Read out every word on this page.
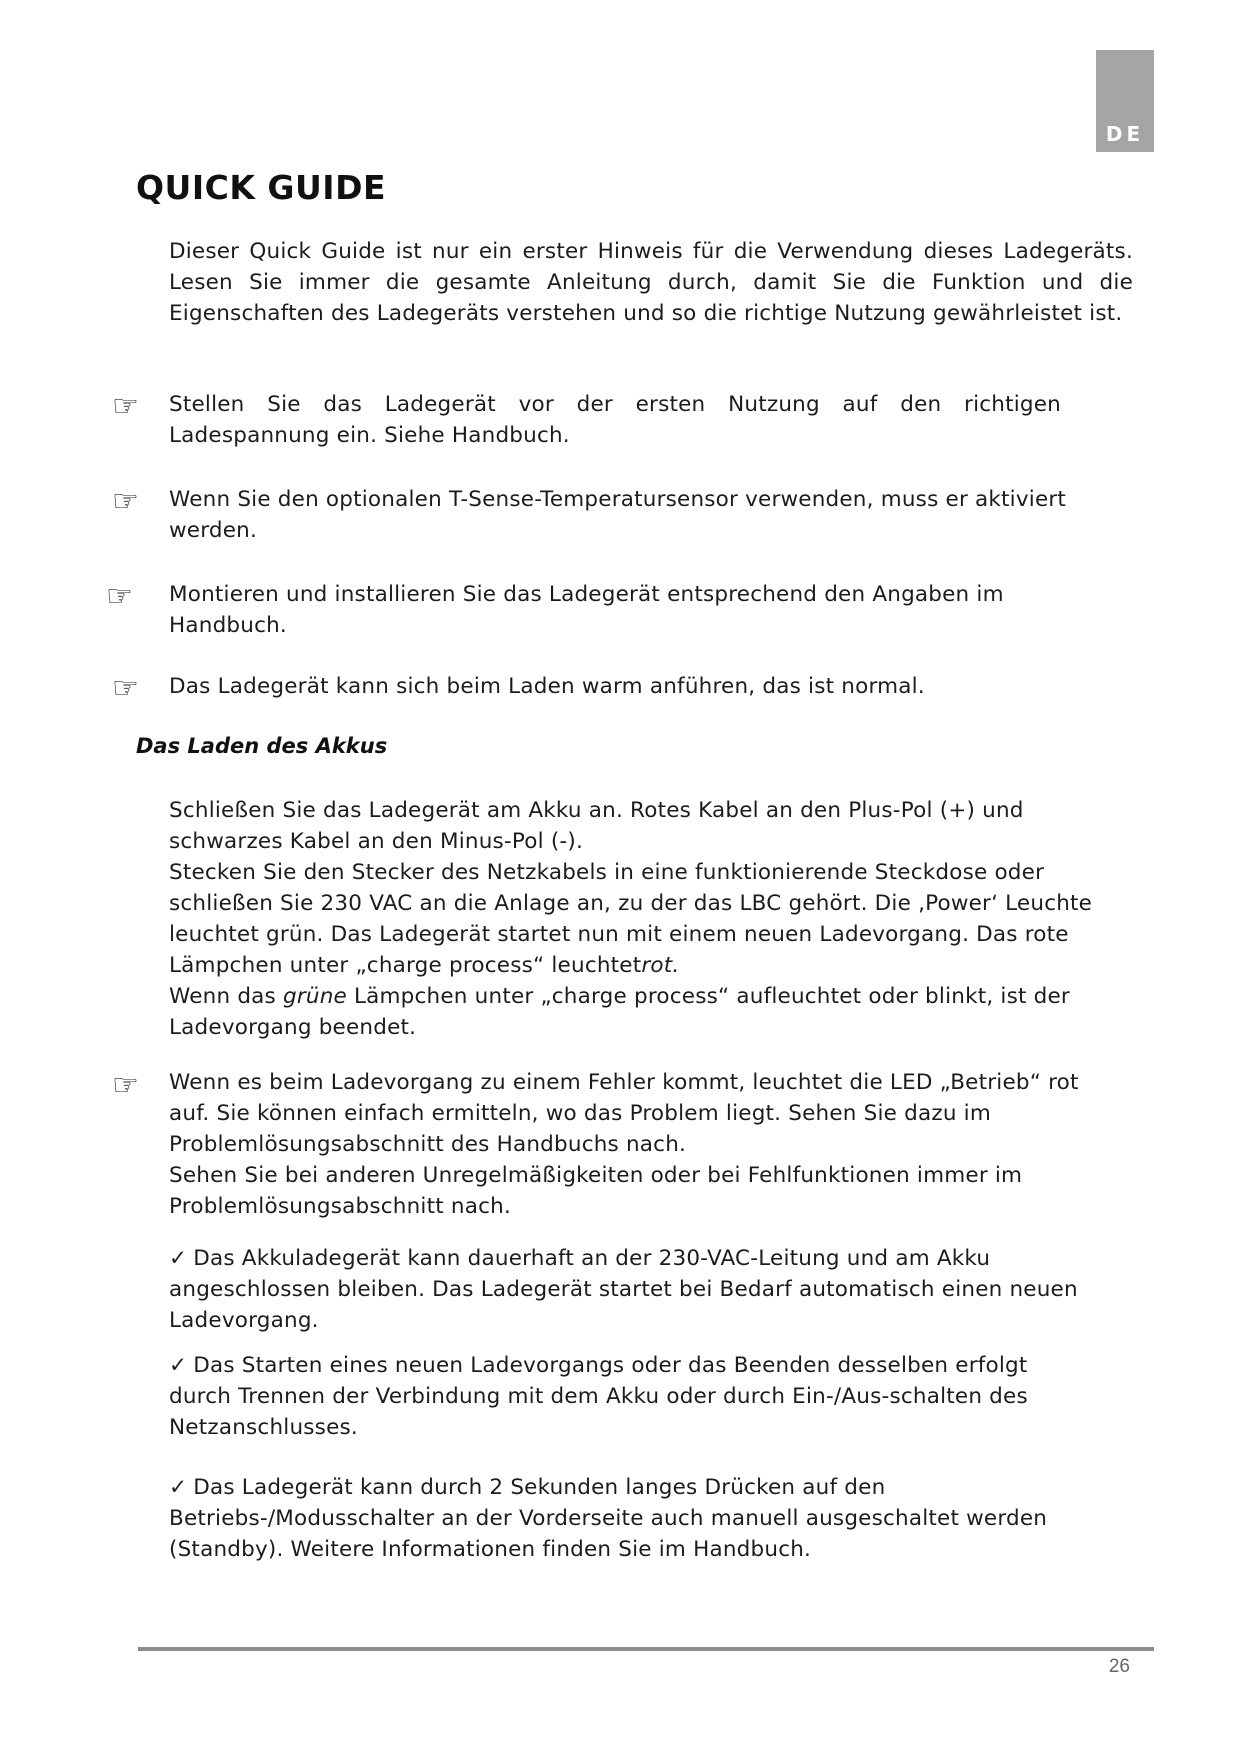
DE
QUICK GUIDE
Dieser Quick Guide ist nur ein erster Hinweis für die Verwendung dieses Ladegeräts. Lesen Sie immer die gesamte Anleitung durch, damit Sie die Funktion und die Eigenschaften des Ladegeräts verstehen und so die richtige Nutzung gewährleistet ist.
☞ Stellen Sie das Ladegerät vor der ersten Nutzung auf den richtigen Ladespannung ein. Siehe Handbuch.
☞ Wenn Sie den optionalen T-Sense-Temperatursensor verwenden, muss er aktiviert werden.
☞ Montieren und installieren Sie das Ladegerät entsprechend den Angaben im Handbuch.
☞ Das Ladegerät kann sich beim Laden warm anführen, das ist normal.
Das Laden des Akkus

Schließen Sie das Ladegerät am Akku an. Rotes Kabel an den Plus-Pol (+) und schwarzes Kabel an den Minus-Pol (-).

Stecken Sie den Stecker des Netzkabels in eine funktionierende Steckdose oder schließen Sie 230 VAC an die Anlage an, zu der das LBC gehört. Die ‚Power‘ Leuchte leuchtet grün. Das Ladegerät startet nun mit einem neuen Ladevorgang. Das rote Lämpchen unter „charge process“ leuchtetrot.

Wenn das grüne Lämpchen unter „charge process“ aufleuchtet oder blinkt, ist der Ladevorgang beendet.

☞ Wenn es beim Ladevorgang zu einem Fehler kommt, leuchtet die LED „Betrieb“ rot auf. Sie können einfach ermitteln, wo das Problem liegt. Sehen Sie dazu im Problemlösungsabschnitt des Handbuchs nach.

Sehen Sie bei anderen Unregelmäßigkeiten oder bei Fehlfunktionen immer im Problemlösungsabschnitt nach.

✓ Das Akkuladegerät kann dauerhaft an der 230-VAC-Leitung und am Akku angeschlossen bleiben. Das Ladegerät startet bei Bedarf automatisch einen neuen Ladevorgang.
✓ Das Starten eines neuen Ladevorgangs oder das Beenden desselben erfolgt durch Trennen der Verbindung mit dem Akku oder durch Ein-/Aus-schalten des Netzanschlusses.
✓ Das Ladegerät kann durch 2 Sekunden langes Drücken auf den Betriebs-/Modusschalter an der Vorderseite auch manuell ausgeschaltet werden (Standby). Weitere Informationen finden Sie im Handbuch.
26
